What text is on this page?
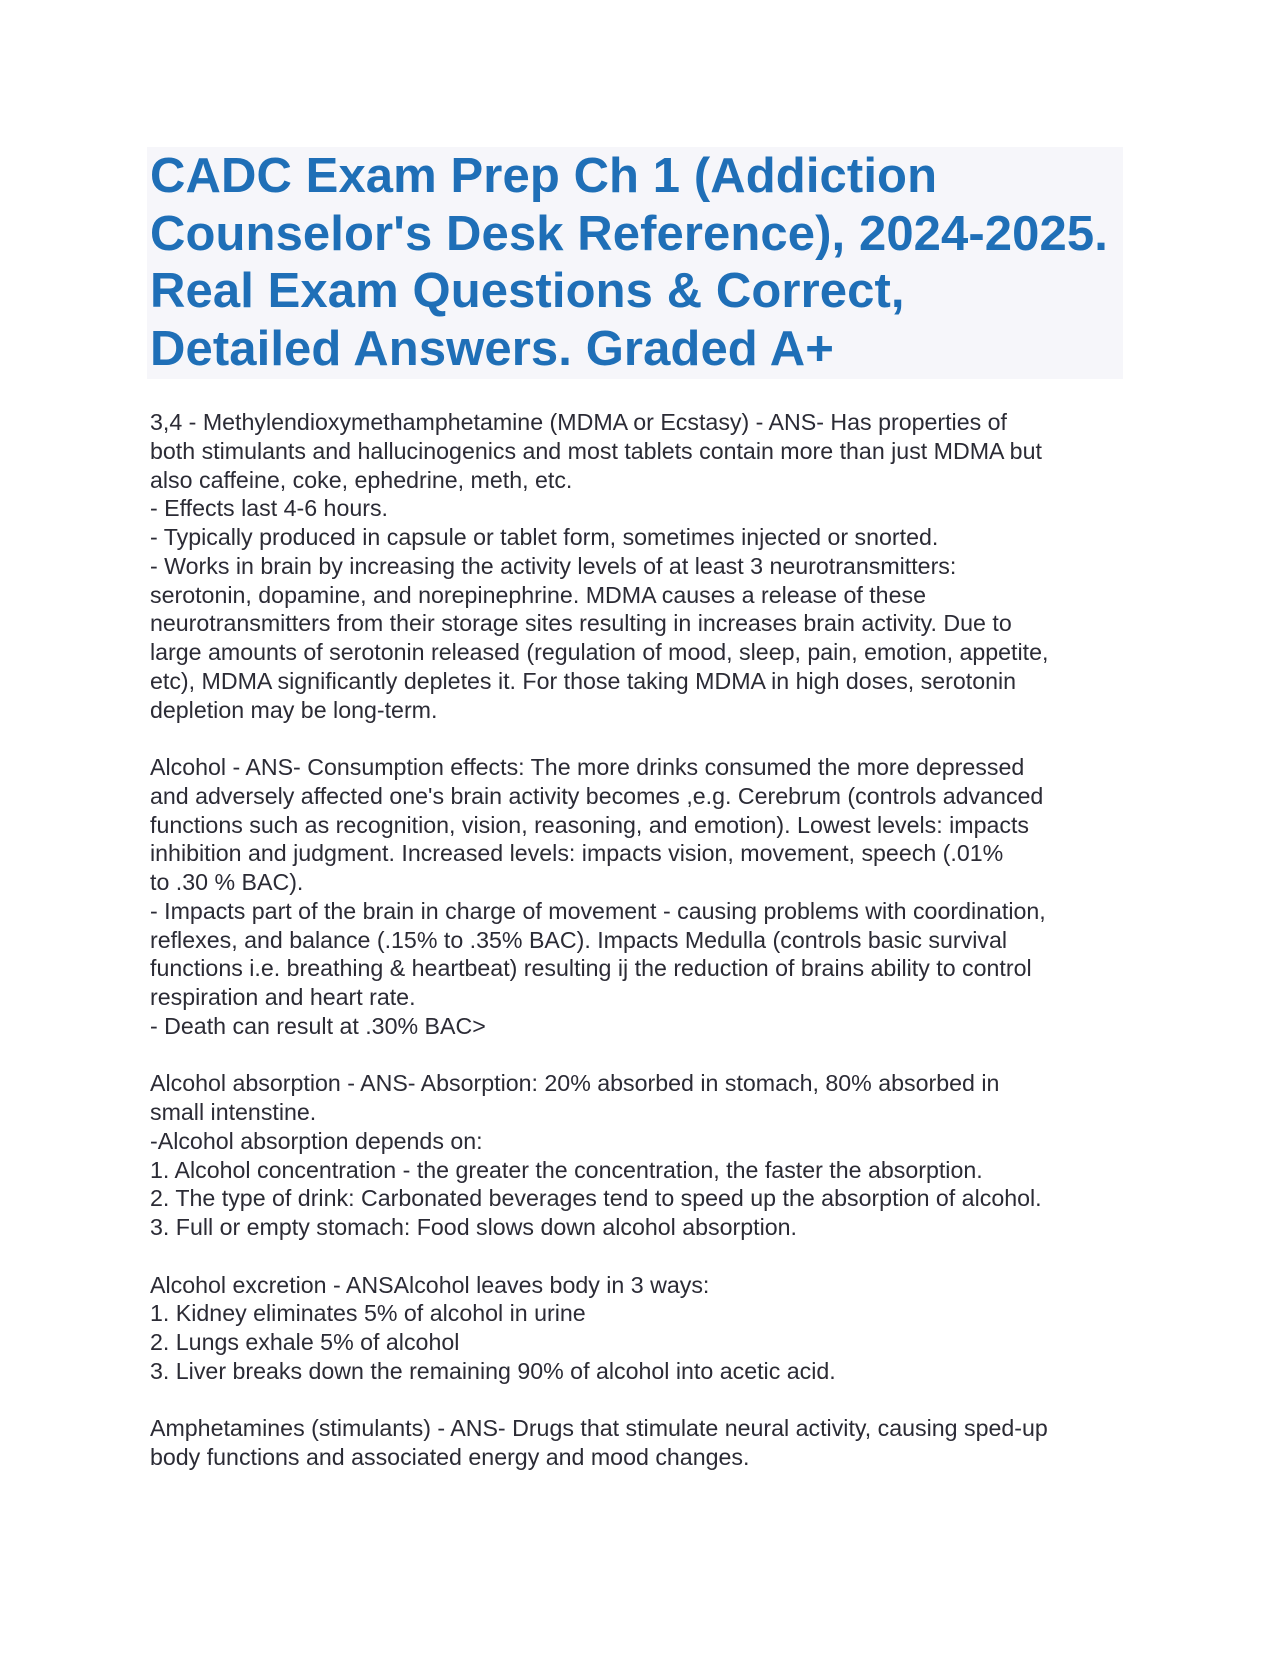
CADC Exam Prep Ch 1 (Addiction
Counselor's Desk Reference), 2024-2025.
Real Exam Questions & Correct,
Detailed Answers. Graded A+
3,4 - Methylendioxymethamphetamine (MDMA or Ecstasy) - ANS- Has properties of
both stimulants and hallucinogenics and most tablets contain more than just MDMA but
also caffeine, coke, ephedrine, meth, etc.
- Effects last 4-6 hours.
- Typically produced in capsule or tablet form, sometimes injected or snorted.
- Works in brain by increasing the activity levels of at least 3 neurotransmitters:
serotonin, dopamine, and norepinephrine. MDMA causes a release of these
neurotransmitters from their storage sites resulting in increases brain activity. Due to
large amounts of serotonin released (regulation of mood, sleep, pain, emotion, appetite,
etc), MDMA significantly depletes it. For those taking MDMA in high doses, serotonin
depletion may be long-term.
Alcohol - ANS- Consumption effects: The more drinks consumed the more depressed
and adversely affected one's brain activity becomes ,e.g. Cerebrum (controls advanced
functions such as recognition, vision, reasoning, and emotion). Lowest levels: impacts
inhibition and judgment. Increased levels: impacts vision, movement, speech (.01%
to .30 % BAC).
- Impacts part of the brain in charge of movement - causing problems with coordination,
reflexes, and balance (.15% to .35% BAC). Impacts Medulla (controls basic survival
functions i.e. breathing & heartbeat) resulting ij the reduction of brains ability to control
respiration and heart rate.
- Death can result at .30% BAC>
Alcohol absorption - ANS- Absorption: 20% absorbed in stomach, 80% absorbed in
small intenstine.
-Alcohol absorption depends on:
1. Alcohol concentration - the greater the concentration, the faster the absorption.
2. The type of drink: Carbonated beverages tend to speed up the absorption of alcohol.
3. Full or empty stomach: Food slows down alcohol absorption.
Alcohol excretion - ANSAlcohol leaves body in 3 ways:
1. Kidney eliminates 5% of alcohol in urine
2. Lungs exhale 5% of alcohol
3. Liver breaks down the remaining 90% of alcohol into acetic acid.
Amphetamines (stimulants) - ANS- Drugs that stimulate neural activity, causing sped-up
body functions and associated energy and mood changes.
